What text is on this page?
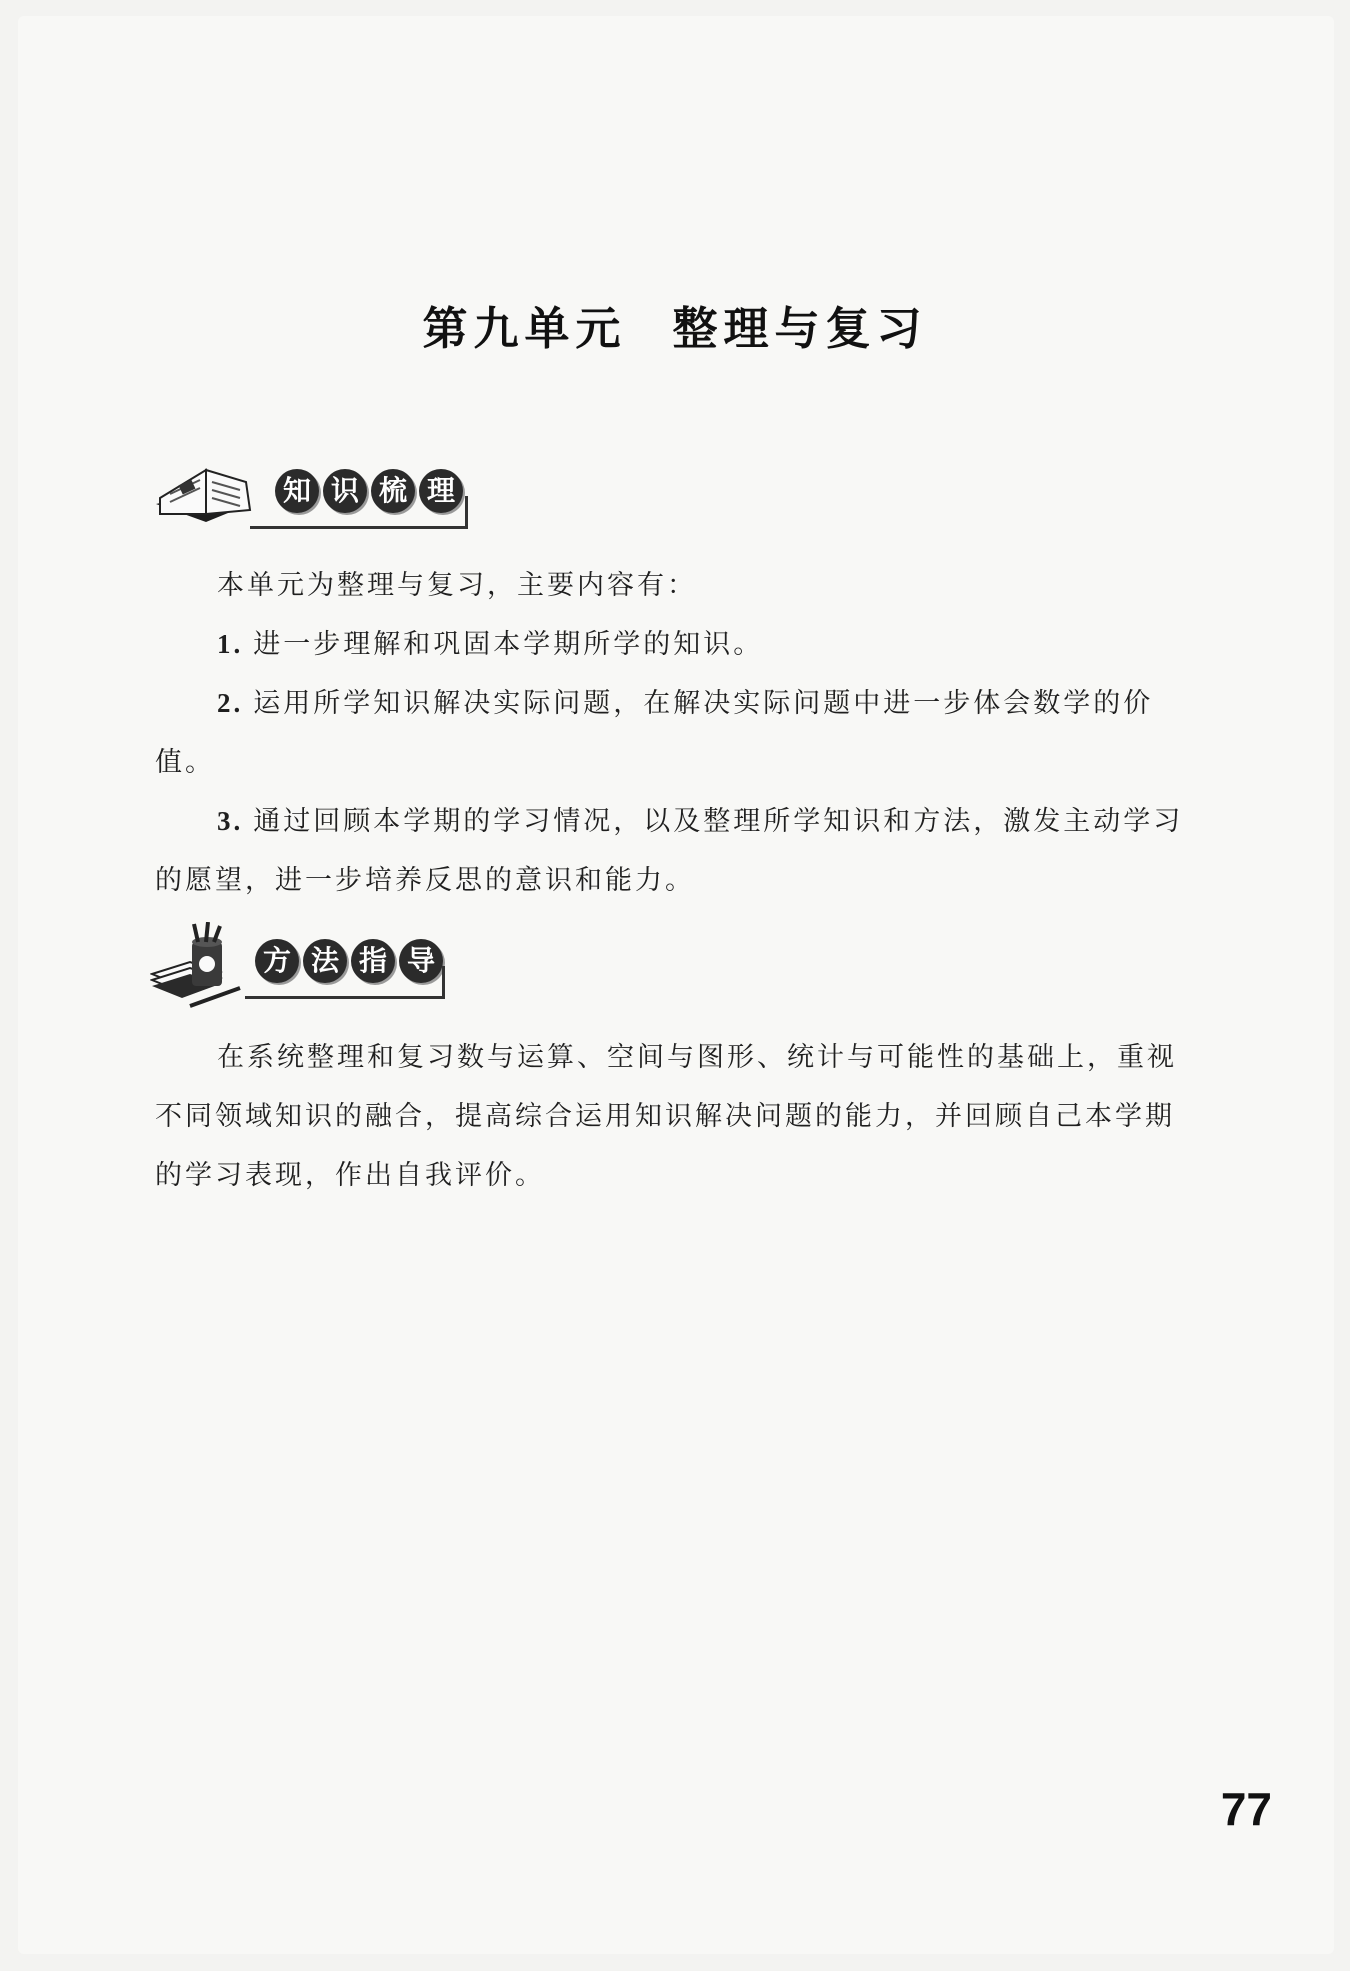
第九单元 整理与复习
知 识 梳 理
本单元为整理与复习，主要内容有：
1. 进一步理解和巩固本学期所学的知识。
2. 运用所学知识解决实际问题，在解决实际问题中进一步体会数学的价值。
3. 通过回顾本学期的学习情况，以及整理所学知识和方法，激发主动学习的愿望，进一步培养反思的意识和能力。
方 法 指 导
在系统整理和复习数与运算、空间与图形、统计与可能性的基础上，重视不同领域知识的融合，提高综合运用知识解决问题的能力，并回顾自己本学期的学习表现，作出自我评价。
77
